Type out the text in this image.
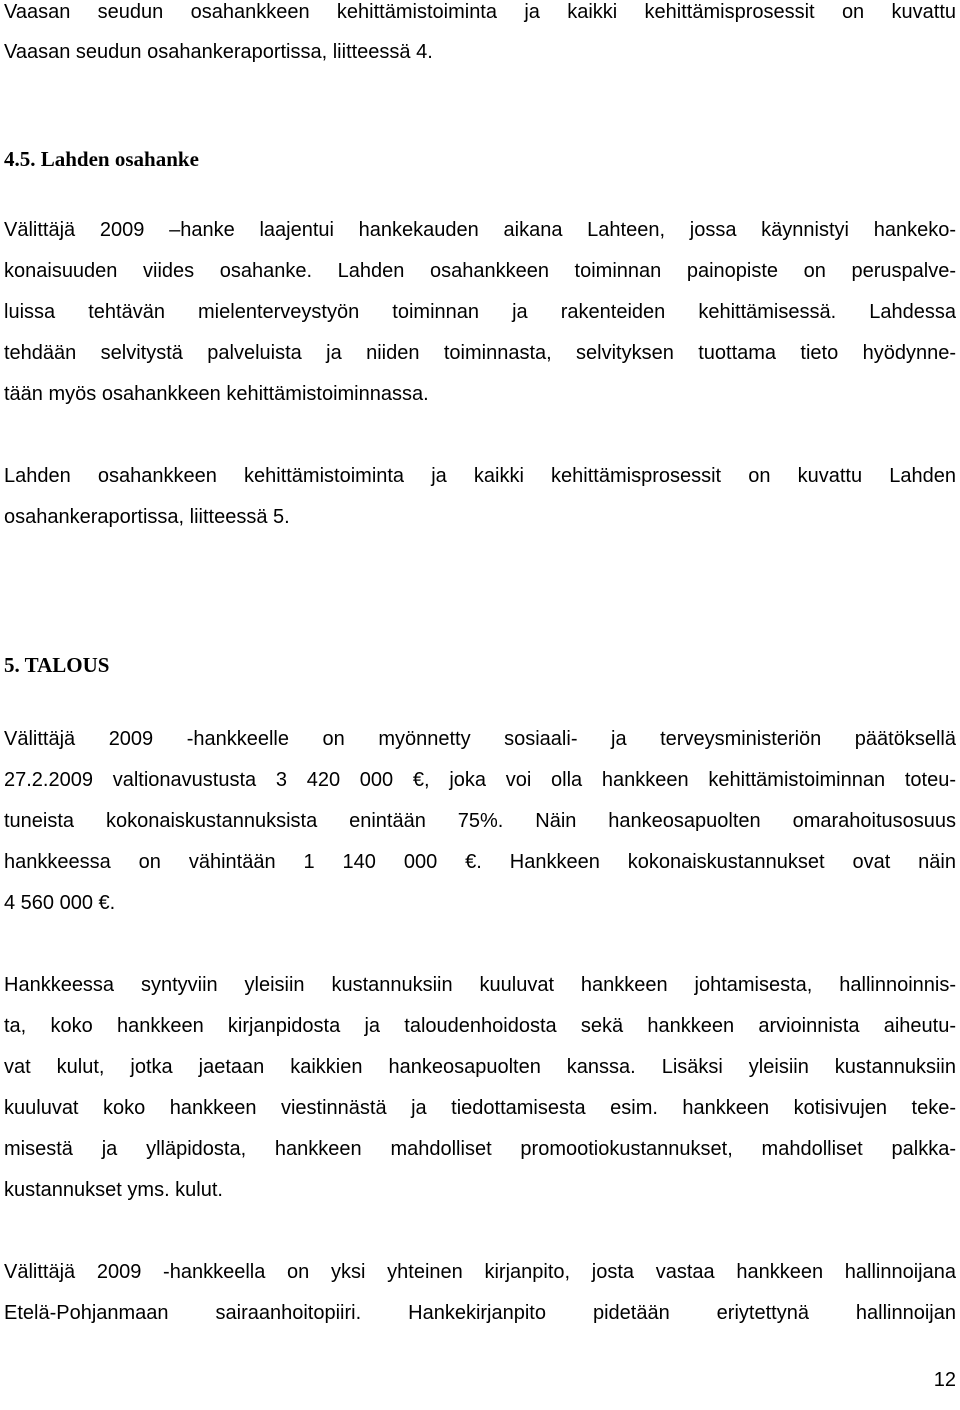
Vaasan seudun osahankkeen kehittämistoiminta ja kaikki kehittämisprosessit on kuvattu
Vaasan seudun osahankeraportissa, liitteessä 4.
4.5. Lahden osahanke
Välittäjä 2009 –hanke laajentui hankekauden aikana Lahteen, jossa käynnistyi hankeko-
konaisuuden viides osahanke. Lahden osahankkeen toiminnan painopiste on peruspalve-
luissa tehtävän mielenterveystyön toiminnan ja rakenteiden kehittämisessä. Lahdessa
tehdään selvitystä palveluista ja niiden toiminnasta, selvityksen tuottama tieto hyödynne-
tään myös osahankkeen kehittämistoiminnassa.
Lahden osahankkeen kehittämistoiminta ja kaikki kehittämisprosessit on kuvattu Lahden
osahankeraportissa, liitteessä 5.
5. TALOUS
Välittäjä 2009 -hankkeelle on myönnetty sosiaali- ja terveysministeriön päätöksellä
27.2.2009 valtionavustusta 3 420 000 €, joka voi olla hankkeen kehittämistoiminnan toteu-
tuneista kokonaiskustannuksista enintään 75%. Näin hankeosapuolten omarahoitusosuus
hankkeessa on vähintään 1 140 000 €. Hankkeen kokonaiskustannukset ovat näin
4 560 000 €.
Hankkeessa syntyviin yleisiin kustannuksiin kuuluvat hankkeen johtamisesta, hallinnoinnis-
ta, koko hankkeen kirjanpidosta ja taloudenhoidosta sekä hankkeen arvioinnista aiheutu-
vat kulut, jotka jaetaan kaikkien hankeosapuolten kanssa. Lisäksi yleisiin kustannuksiin
kuuluvat koko hankkeen viestinnästä ja tiedottamisesta esim. hankkeen kotisivujen teke-
misestä ja ylläpidosta, hankkeen mahdolliset promootiokustannukset, mahdolliset palkka-
kustannukset yms. kulut.
Välittäjä 2009 -hankkeella on yksi yhteinen kirjanpito, josta vastaa hankkeen hallinnoijana
Etelä-Pohjanmaan sairaanhoitopiiri. Hankekirjanpito pidetään eriytettynä hallinnoijan
12
